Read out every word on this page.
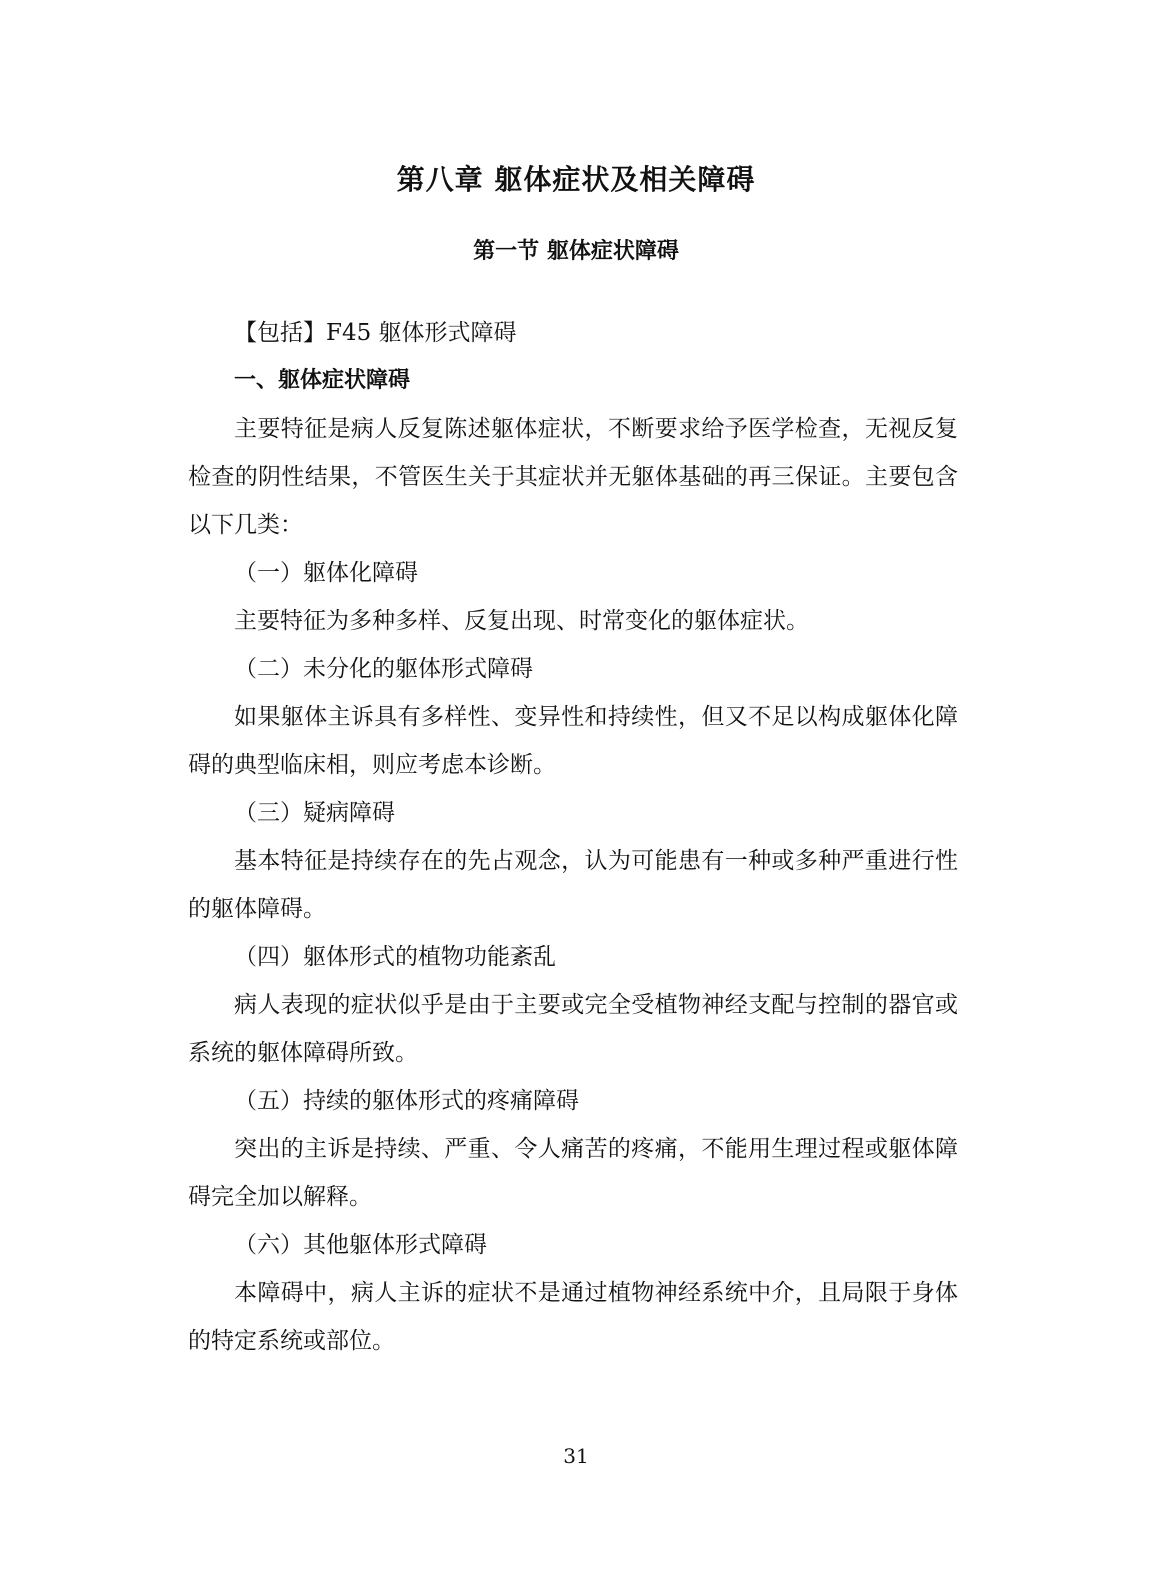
第八章 躯体症状及相关障碍
第一节 躯体症状障碍

【包括】F45 躯体形式障碍

一、躯体症状障碍

主要特征是病人反复陈述躯体症状，不断要求给予医学检查，无视反复检查的阴性结果，不管医生关于其症状并无躯体基础的再三保证。主要包含以下几类：

（一）躯体化障碍

主要特征为多种多样、反复出现、时常变化的躯体症状。

（二）未分化的躯体形式障碍

如果躯体主诉具有多样性、变异性和持续性，但又不足以构成躯体化障碍的典型临床相，则应考虑本诊断。

（三）疑病障碍

基本特征是持续存在的先占观念，认为可能患有一种或多种严重进行性的躯体障碍。

（四）躯体形式的植物功能紊乱

病人表现的症状似乎是由于主要或完全受植物神经支配与控制的器官或系统的躯体障碍所致。

（五）持续的躯体形式的疼痛障碍

突出的主诉是持续、严重、令人痛苦的疼痛，不能用生理过程或躯体障碍完全加以解释。

（六）其他躯体形式障碍

本障碍中，病人主诉的症状不是通过植物神经系统中介，且局限于身体的特定系统或部位。

31
